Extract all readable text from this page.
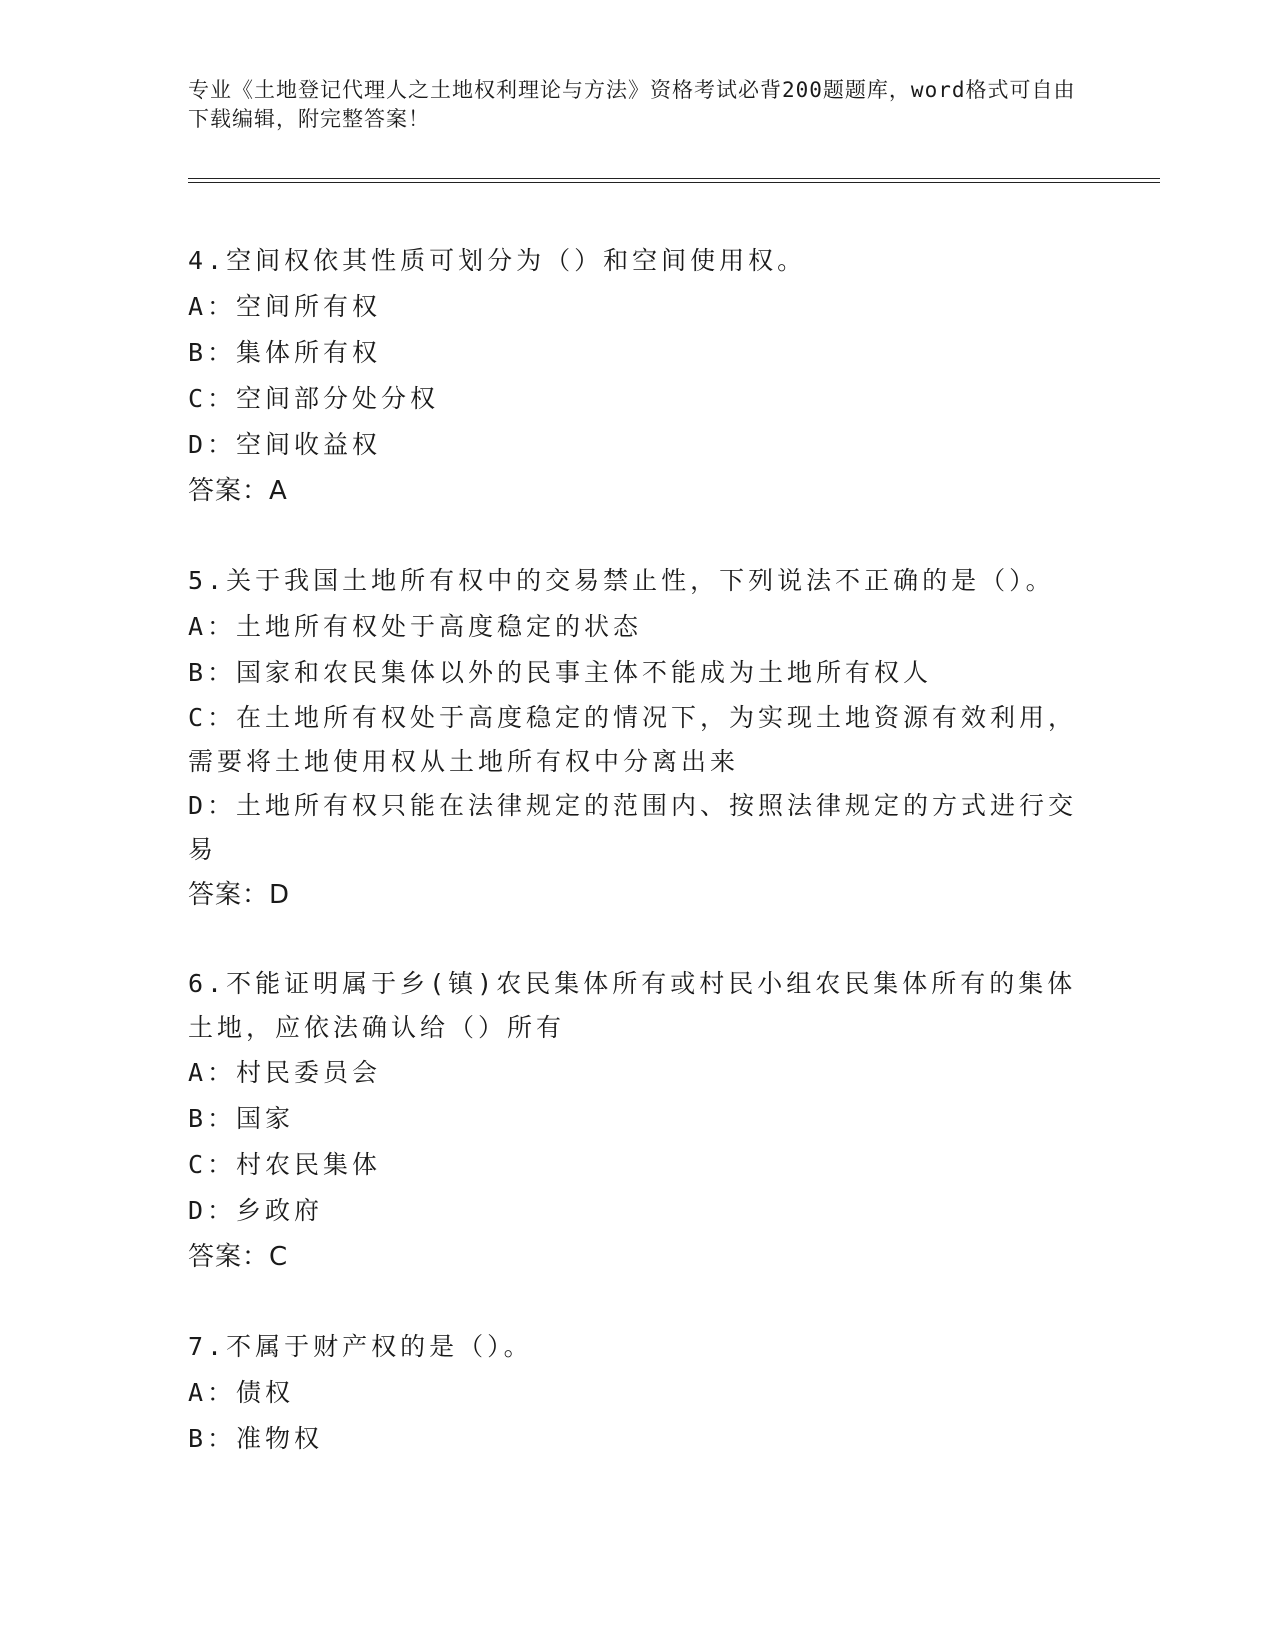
专业《土地登记代理人之土地权利理论与方法》资格考试必背200题题库，word格式可自由下载编辑，附完整答案！

4.空间权依其性质可划分为（）和空间使用权。

A：空间所有权

B：集体所有权

C：空间部分处分权

D：空间收益权

答案：A

5.关于我国土地所有权中的交易禁止性，下列说法不正确的是（）。

A：土地所有权处于高度稳定的状态

B：国家和农民集体以外的民事主体不能成为土地所有权人

C：在土地所有权处于高度稳定的情况下，为实现土地资源有效利用，需要将土地使用权从土地所有权中分离出来

D：土地所有权只能在法律规定的范围内、按照法律规定的方式进行交易

答案：D

6.不能证明属于乡(镇)农民集体所有或村民小组农民集体所有的集体土地，应依法确认给（）所有

A：村民委员会

B：国家

C：村农民集体

D：乡政府

答案：C

7.不属于财产权的是（）。

A：债权

B：准物权
